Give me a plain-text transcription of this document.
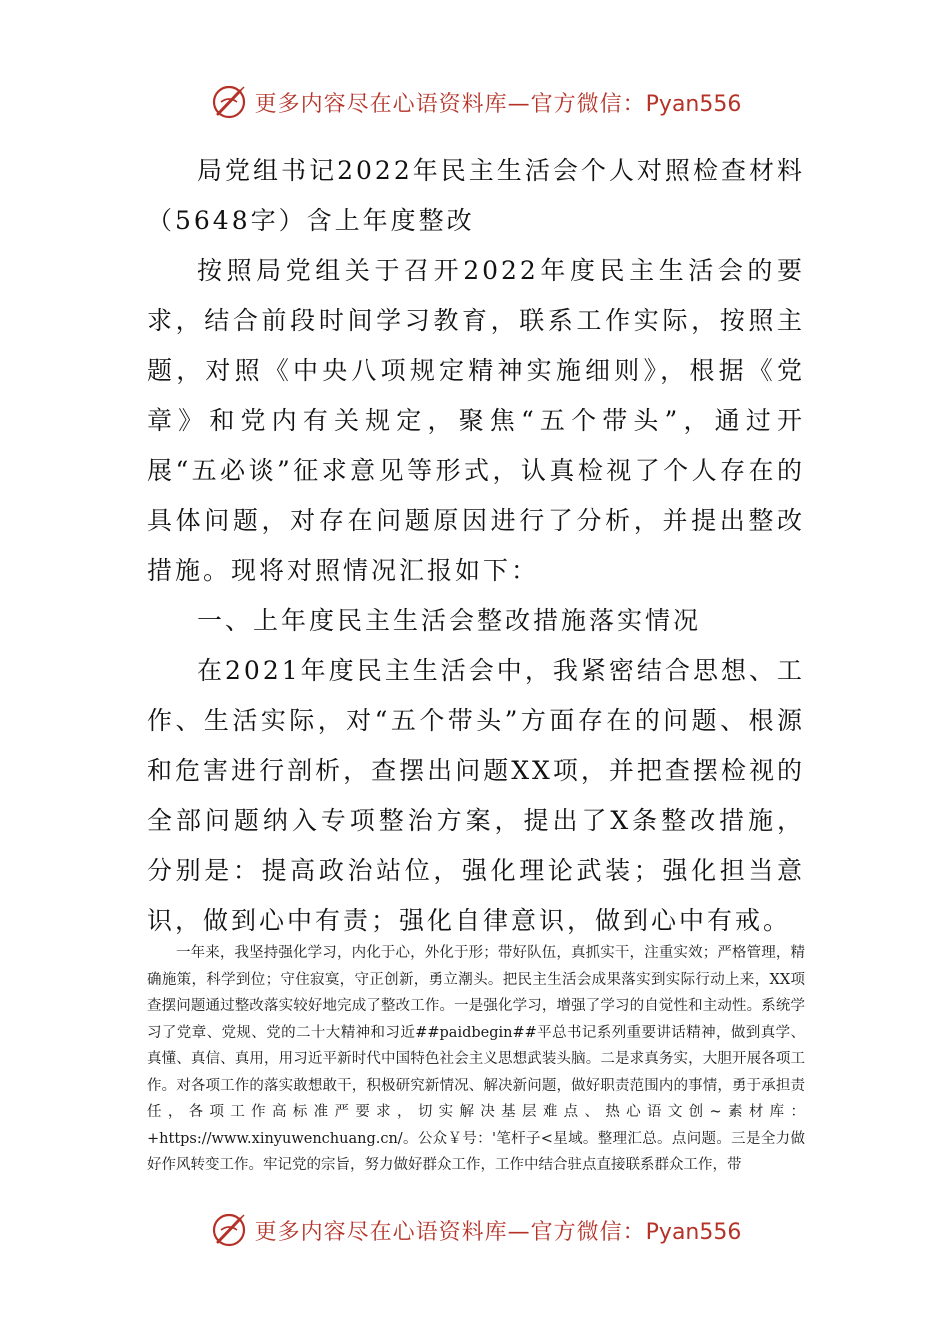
更多内容尽在心语资料库—官方微信：Pyan556

局党组书记2022年民主生活会个人对照检查材料（5648字）含上年度整改

按照局党组关于召开2022年度民主生活会的要求，结合前段时间学习教育，联系工作实际，按照主题，对照《中央八项规定精神实施细则》，根据《党章》和党内有关规定，聚焦“五个带头”，通过开展“五必谈”征求意见等形式，认真检视了个人存在的具体问题，对存在问题原因进行了分析，并提出整改措施。现将对照情况汇报如下：

一、上年度民主生活会整改措施落实情况

在2021年度民主生活会中，我紧密结合思想、工作、生活实际，对“五个带头”方面存在的问题、根源和危害进行剖析，查摆出问题XX项，并把查摆检视的全部问题纳入专项整治方案，提出了X条整改措施，分别是：提高政治站位，强化理论武装；强化担当意识，做到心中有责；强化自律意识，做到心中有戒。

一年来，我坚持强化学习，内化于心，外化于形；带好队伍，真抓实干，注重实效；严格管理，精确施策，科学到位；守住寂寞，守正创新，勇立潮头。把民主生活会成果落实到实际行动上来，XX项查摆问题通过整改落实较好地完成了整改工作。一是强化学习，增强了学习的自觉性和主动性。系统学习了党章、党规、党的二十大精神和习近##paidbegin##平总书记系列重要讲话精神，做到真学、真懂、真信、真用，用习近平新时代中国特色社会主义思想武装头脑。二是求真务实，大胆开展各项工作。对各项工作的落实敢想敢干，积极研究新情况、解决新问题，做好职责范围内的事情，勇于承担责任，各项工作高标准严要求，切实解决基层难点、热心语文创~素材库：+https://www.xinyuwenchuang.cn/。公众￥号：'笔杆子<星域。整理汇总。点问题。三是全力做好作风转变工作。牢记党的宗旨，努力做好群众工作，工作中结合驻点直接联系群众工作，带

更多内容尽在心语资料库—官方微信：Pyan556
